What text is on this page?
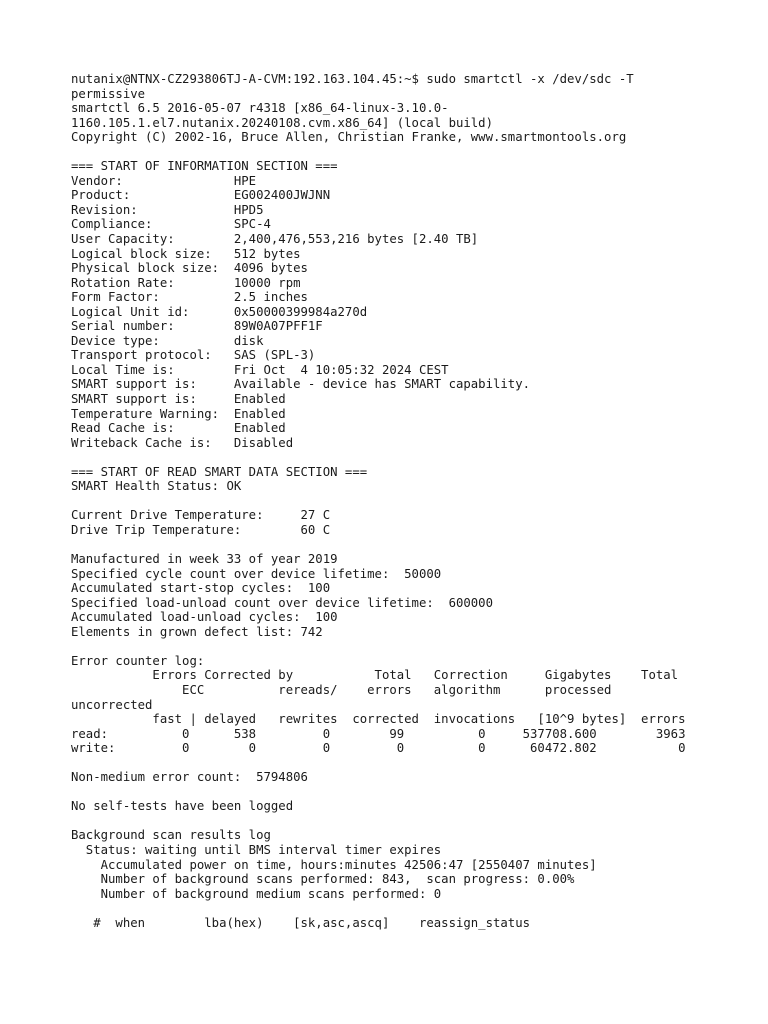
nutanix@NTNX-CZ293806TJ-A-CVM:192.163.104.45:~$ sudo smartctl -x /dev/sdc -T
permissive
smartctl 6.5 2016-05-07 r4318 [x86_64-linux-3.10.0-
1160.105.1.el7.nutanix.20240108.cvm.x86_64] (local build)
Copyright (C) 2002-16, Bruce Allen, Christian Franke, www.smartmontools.org
=== START OF INFORMATION SECTION ===
Vendor:               HPE
Product:              EG002400JWJNN
Revision:             HPD5
Compliance:           SPC-4
User Capacity:        2,400,476,553,216 bytes [2.40 TB]
Logical block size:   512 bytes
Physical block size:  4096 bytes
Rotation Rate:        10000 rpm
Form Factor:          2.5 inches
Logical Unit id:      0x50000399984a270d
Serial number:        89W0A07PFF1F
Device type:          disk
Transport protocol:   SAS (SPL-3)
Local Time is:        Fri Oct  4 10:05:32 2024 CEST
SMART support is:     Available - device has SMART capability.
SMART support is:     Enabled
Temperature Warning:  Enabled
Read Cache is:        Enabled
Writeback Cache is:   Disabled
=== START OF READ SMART DATA SECTION ===
SMART Health Status: OK
Current Drive Temperature:     27 C
Drive Trip Temperature:        60 C
Manufactured in week 33 of year 2019
Specified cycle count over device lifetime:  50000
Accumulated start-stop cycles:  100
Specified load-unload count over device lifetime:  600000
Accumulated load-unload cycles:  100
Elements in grown defect list: 742
Error counter log:
Errors Corrected by           Total   Correction     Gigabytes    Total
ECC          rereads/    errors   algorithm      processed
uncorrected
fast | delayed   rewrites  corrected  invocations   [10^9 bytes]  errors
read:          0      538         0        99          0     537708.600        3963
write:         0        0         0         0          0      60472.802           0
Non-medium error count:  5794806
No self-tests have been logged
Background scan results log
Status: waiting until BMS interval timer expires
Accumulated power on time, hours:minutes 42506:47 [2550407 minutes]
Number of background scans performed: 843,  scan progress: 0.00%
Number of background medium scans performed: 0
#  when        lba(hex)    [sk,asc,ascq]    reassign_status
